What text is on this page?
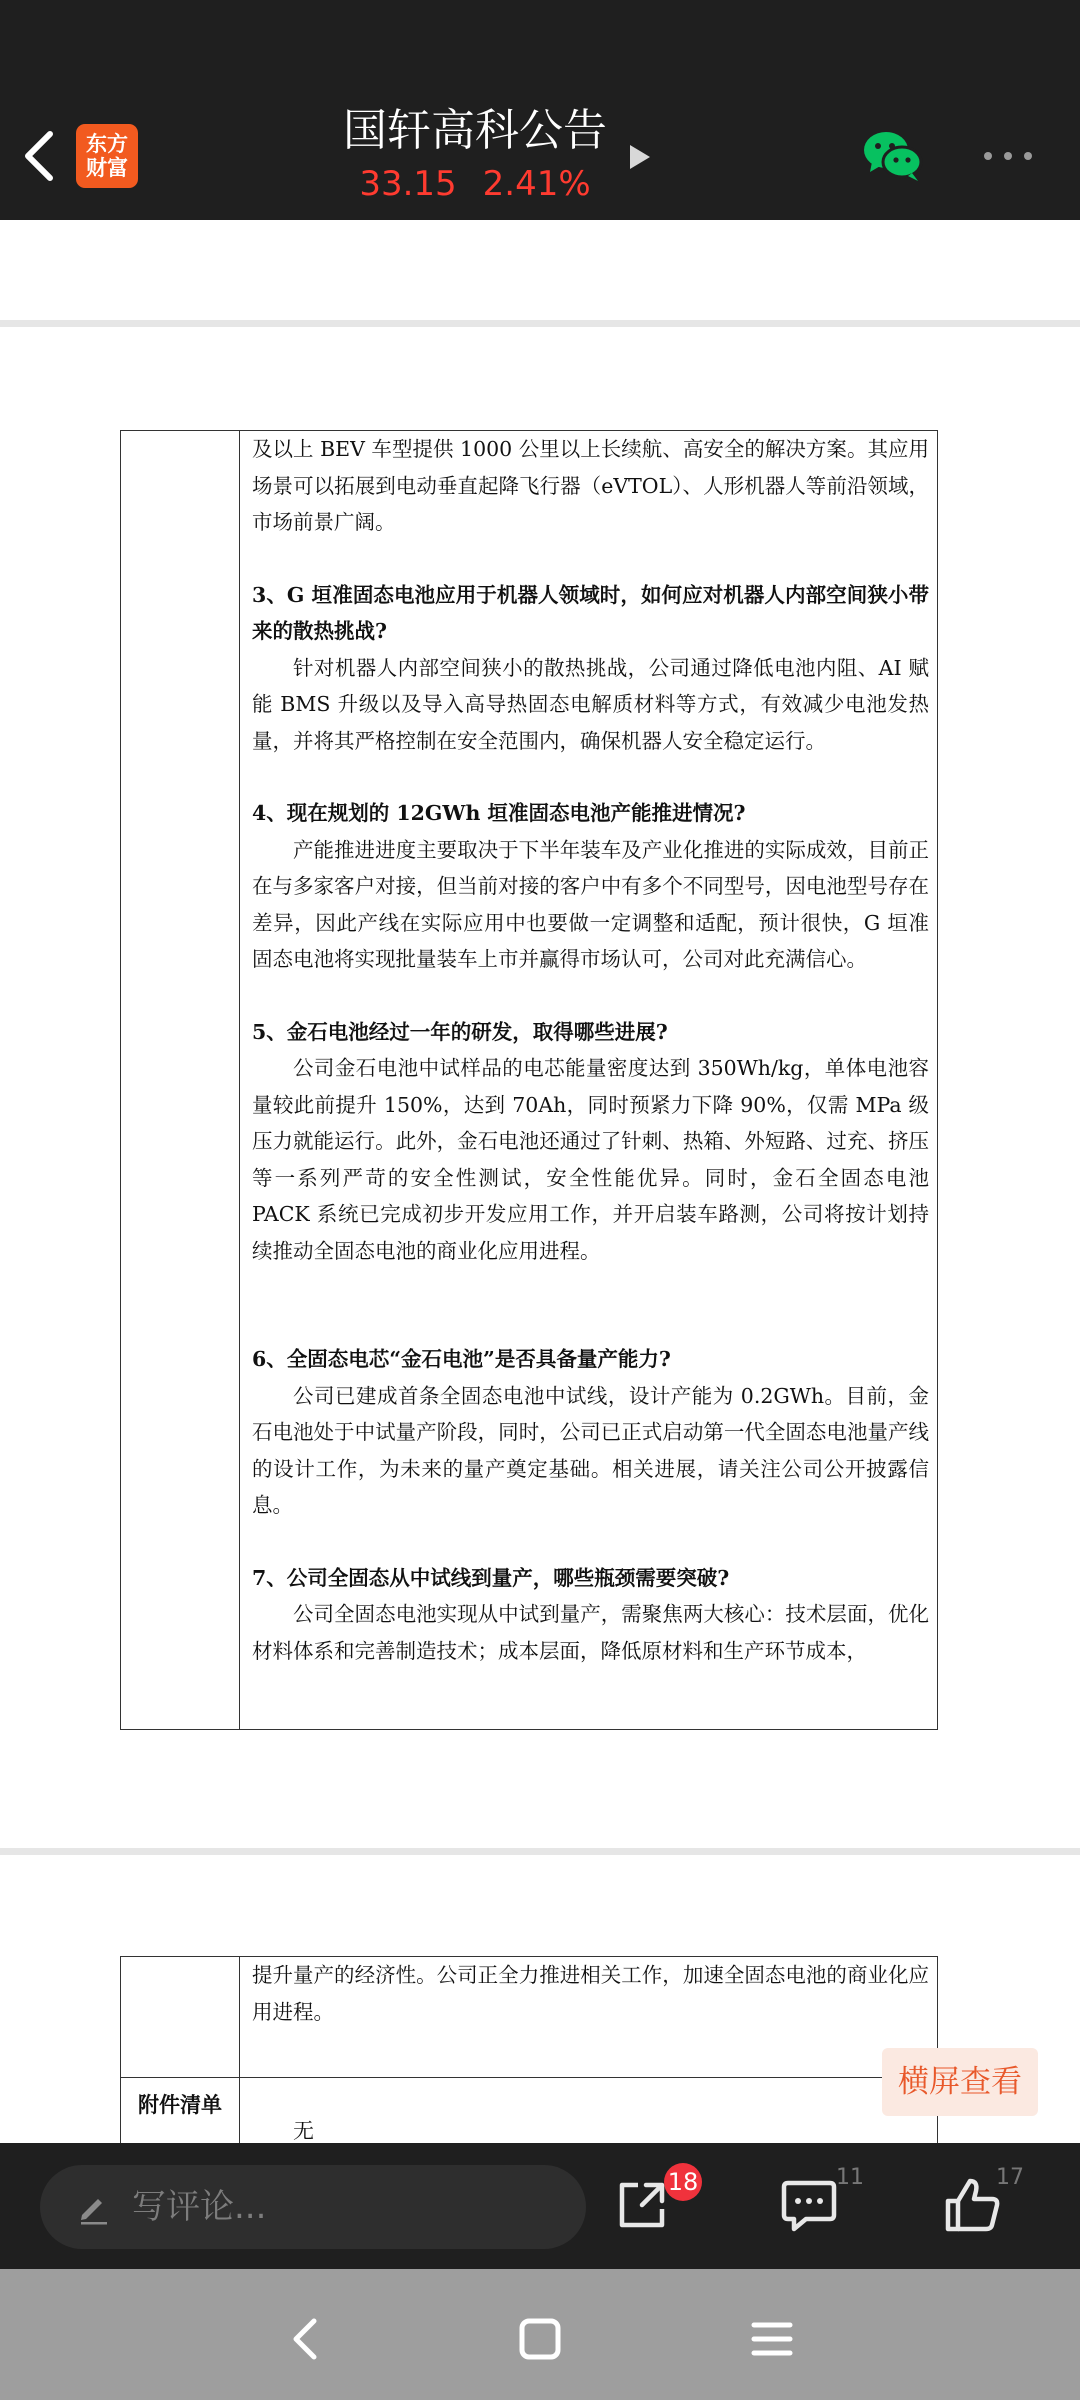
东方
财富
国轩高科公告
33.15 2.41%

及以上 BEV 车型提供 1000 公里以上长续航、高安全的解决方案。其应用场景可以拓展到电动垂直起降飞行器（eVTOL）、人形机器人等前沿领域，市场前景广阔。

3、G 垣准固态电池应用于机器人领域时，如何应对机器人内部空间狭小带来的散热挑战?

针对机器人内部空间狭小的散热挑战，公司通过降低电池内阻、AI 赋能 BMS 升级以及导入高导热固态电解质材料等方式，有效减少电池发热量，并将其严格控制在安全范围内，确保机器人安全稳定运行。

4、现在规划的 12GWh 垣准固态电池产能推进情况?

产能推进进度主要取决于下半年装车及产业化推进的实际成效，目前正在与多家客户对接，但当前对接的客户中有多个不同型号，因电池型号存在差异，因此产线在实际应用中也要做一定调整和适配，预计很快，G 垣准固态电池将实现批量装车上市并赢得市场认可，公司对此充满信心。

5、金石电池经过一年的研发，取得哪些进展?

公司金石电池中试样品的电芯能量密度达到 350Wh/kg，单体电池容量较此前提升 150%，达到 70Ah，同时预紧力下降 90%，仅需 MPa 级压力就能运行。此外，金石电池还通过了针刺、热箱、外短路、过充、挤压等一系列严苛的安全性测试，安全性能优异。同时，金石全固态电池 PACK 系统已完成初步开发应用工作，并开启装车路测，公司将按计划持续推动全固态电池的商业化应用进程。

6、全固态电芯“金石电池”是否具备量产能力?

公司已建成首条全固态电池中试线，设计产能为 0.2GWh。目前，金石电池处于中试量产阶段，同时，公司已正式启动第一代全固态电池量产线的设计工作，为未来的量产奠定基础。相关进展，请关注公司公开披露信息。

7、公司全固态从中试线到量产，哪些瓶颈需要突破?

公司全固态电池实现从中试到量产，需聚焦两大核心：技术层面，优化材料体系和完善制造技术；成本层面，降低原材料和生产环节成本，

提升量产的经济性。公司正全力推进相关工作，加速全固态电池的商业化应用进程。

附件清单
无
横屏查看
写评论...
18	11	17
